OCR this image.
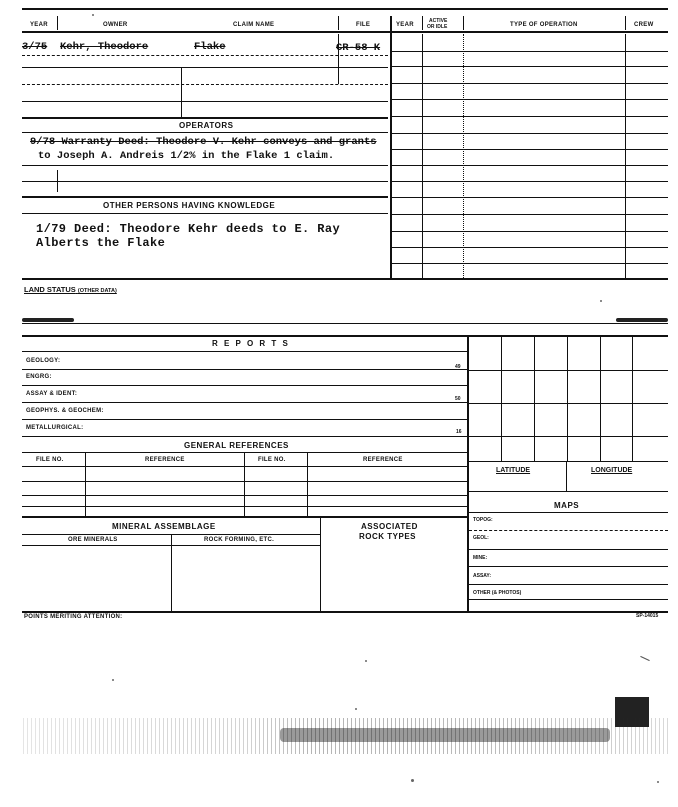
YEAR	OWNER	CLAIM NAME	FILE	YEAR
ACTIVE
OR IDLE	TYPE OF OPERATION	CREW
3/75 Kehr, Theodore	Flake	CR-58 K
OPERATORS
9/78 Warranty Deed: Theodore V. Kehr conveys and grants
to Joseph A. Andreis 1/2% in the Flake 1 claim.
OTHER PERSONS HAVING KNOWLEDGE
1/79 Deed: Theodore Kehr deeds to E. Ray
Alberts the Flake
LAND STATUS (OTHER DATA)
R E P O R T S
GEOLOGY:
ENGRG:
ASSAY & IDENT:
GEOPHYS. & GEOCHEM:
METALLURGICAL:
49
50
16
GENERAL REFERENCES
FILE NO.	REFERENCE	FILE NO.	REFERENCE
MINERAL ASSEMBLAGE
ORE MINERALS	ROCK FORMING, ETC.
ASSOCIATED
ROCK TYPES
LATITUDE	LONGITUDE
MAPS
TOPOG:
GEOL:
MINE:
ASSAY:
OTHER (& PHOTOS)
POINTS MERITING ATTENTION:	SP-14015
